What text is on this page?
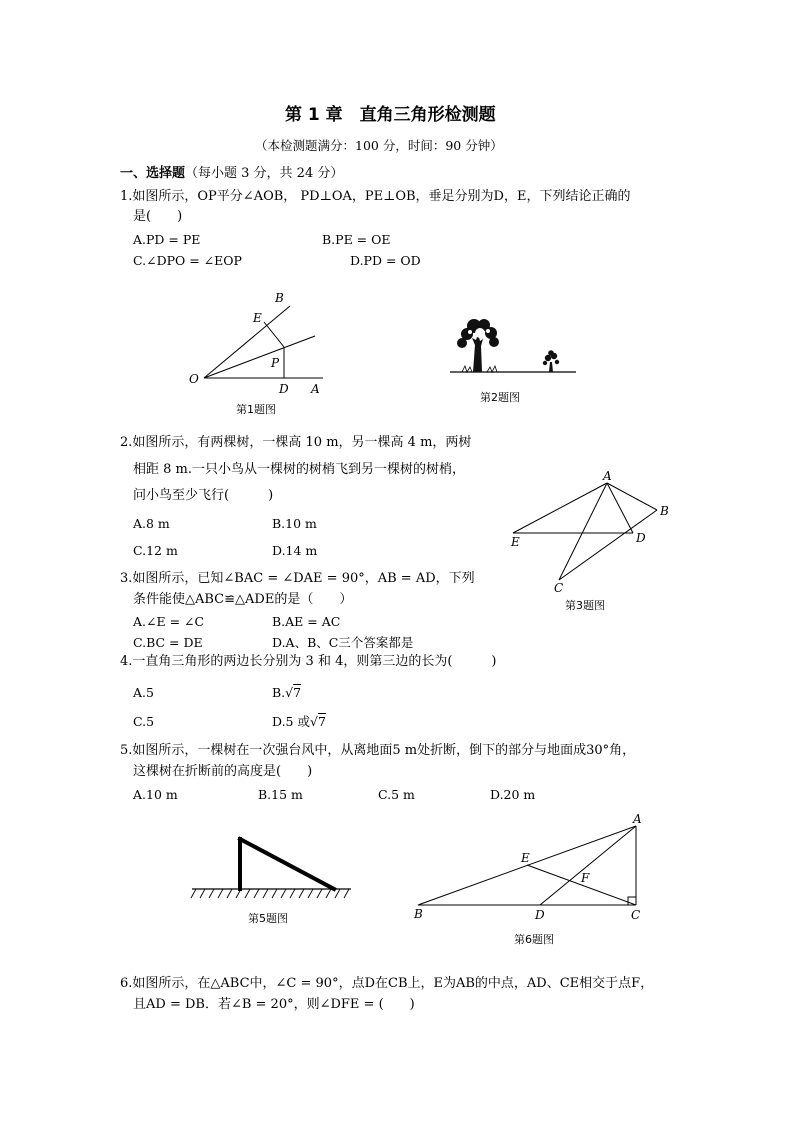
第 1 章　直角三角形检测题
（本检测题满分：100 分，时间：90 分钟）
一、选择题（每小题 3 分，共 24 分）
1.如图所示，OP平分∠AOB， PD⊥OA，PE⊥OB，垂足分别为D，E，下列结论正确的
是(　　)
A.PD = PE	B.PE = OE
C.∠DPO = ∠EOP	D.PD = OD
B
E
P
O
D A
第1题图
第2题图
2.如图所示，有两棵树，一棵高 10 m，另一棵高 4 m，两树
相距 8 m.一只小鸟从一棵树的树梢飞到另一棵树的树梢，
问小鸟至少飞行(　　　)
A.8 m	B.10 m
C.12 m	D.14 m
A
B
E	D
C
第3题图
3.如图所示，已知∠BAC = ∠DAE = 90°，AB = AD，下列
条件能使△ABC≌△ADE的是（　　）
A.∠E = ∠C	B.AE = AC
C.BC = DE	D.A、B、C三个答案都是
4.一直角三角形的两边长分别为 3 和 4，则第三边的长为(　　　)
A.5	B.√7
C.5	D.5 或√7
5.如图所示，一棵树在一次强台风中，从离地面5 m处折断，倒下的部分与地面成30°角，
这棵树在折断前的高度是(　　)
A.10 m	B.15 m	C.5 m	D.20 m
第5题图
A
E
F
B	D	C
第6题图
6.如图所示，在△ABC中，∠C = 90°，点D在CB上，E为AB的中点，AD、CE相交于点F，
且AD = DB．若∠B = 20°，则∠DFE = (　　)
